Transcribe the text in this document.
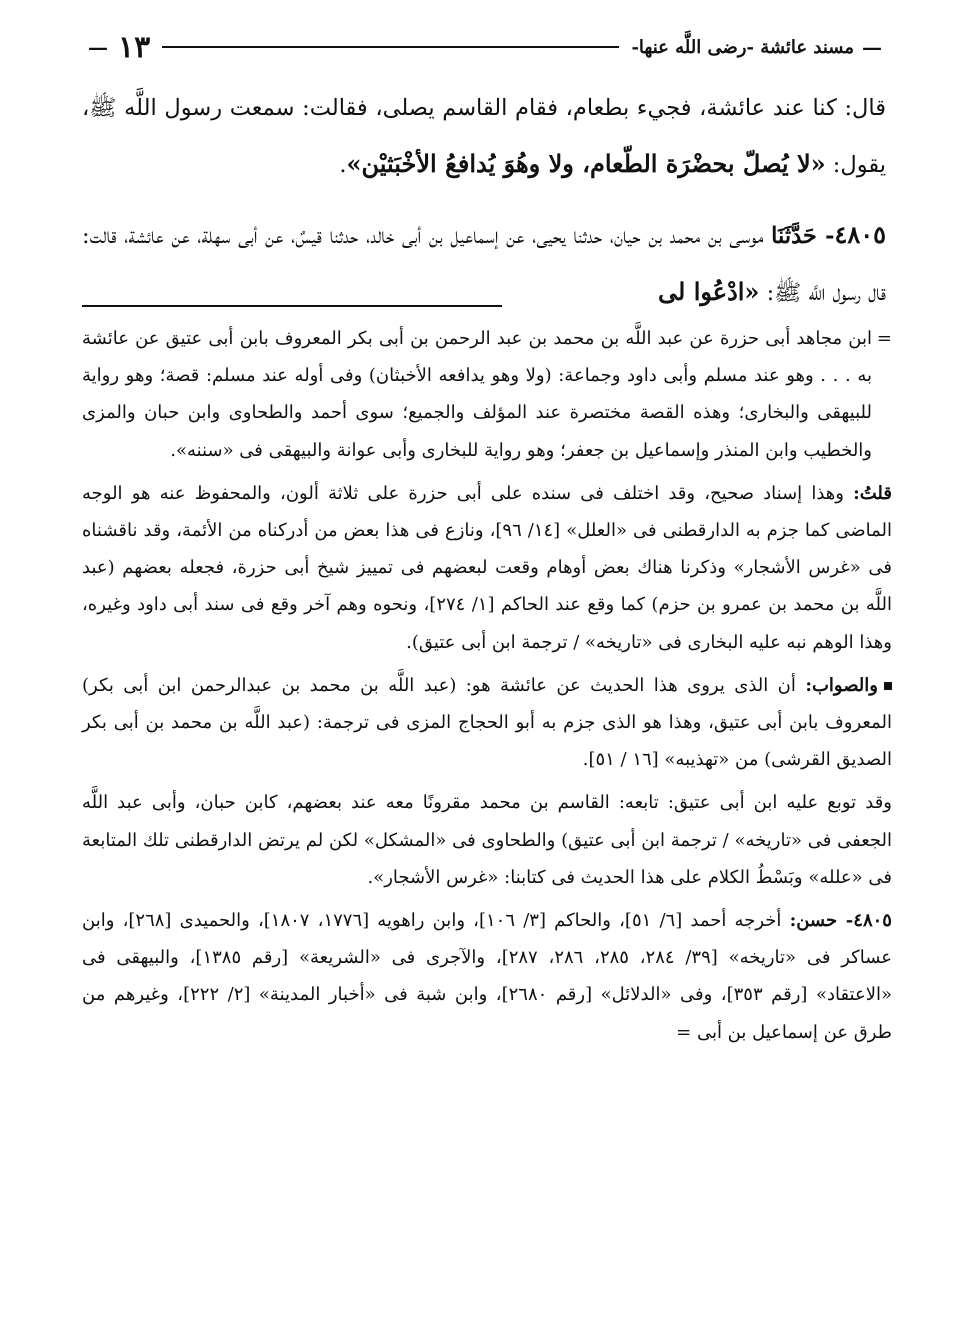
—
مسند عائشة -رضى اللَّه عنها-
١٣
—

قال: كنا عند عائشة، فجيء بطعام، فقام القاسم يصلى، فقالت: سمعت رسول اللَّه ﷺ، يقول: «لا يُصلّ بحضْرَة الطّعام، ولا وهُوَ يُدافعُ الأخْبَثيْن».

٤٨٠٥- حَدَّثَنَا موسى بن محمد بن حيان، حدثنا يحيى، عن إسماعيل بن أبى خالد، حدثنا قيسٌ، عن أبى سهلة، عن عائشة، قالت: قال رسول اللَّه ﷺ: «ادْعُوا لى

=
ابن مجاهد أبى حزرة عن عبد اللَّه بن محمد بن عبد الرحمن بن أبى بكر المعروف بابن أبى عتيق عن عائشة به . . . وهو عند مسلم وأبى داود وجماعة: (ولا وهو يدافعه الأخبثان) وفى أوله عند مسلم: قصة؛ وهو رواية للبيهقى والبخارى؛ وهذه القصة مختصرة عند المؤلف والجميع؛ سوى أحمد والطحاوى وابن حبان والمزى والخطيب وابن المنذر وإسماعيل بن جعفر؛ وهو رواية للبخارى وأبى عوانة والبيهقى فى «سننه».

قلتُ: وهذا إسناد صحيح، وقد اختلف فى سنده على أبى حزرة على ثلاثة ألون، والمحفوظ عنه هو الوجه الماضى كما جزم به الدارقطنى فى «العلل» [١٤/ ٩٦]، ونازع فى هذا بعض من أدركناه من الأئمة، وقد ناقشناه فى «غرس الأشجار» وذكرنا هناك بعض أوهام وقعت لبعضهم فى تمييز شيخ أبى حزرة، فجعله بعضهم (عبد اللَّه بن محمد بن عمرو بن حزم) كما وقع عند الحاكم [١/ ٢٧٤]، ونحوه وهم آخر وقع فى سند أبى داود وغيره، وهذا الوهم نبه عليه البخارى فى «تاريخه» / ترجمة ابن أبى عتيق).

والصواب: أن الذى يروى هذا الحديث عن عائشة هو: (عبد اللَّه بن محمد بن عبدالرحمن ابن أبى بكر) المعروف بابن أبى عتيق، وهذا هو الذى جزم به أبو الحجاج المزى فى ترجمة: (عبد اللَّه بن محمد بن أبى بكر الصديق القرشى) من «تهذيبه» [١٦ / ٥١].

وقد توبع عليه ابن أبى عتيق: تابعه: القاسم بن محمد مقرونًا معه عند بعضهم، كابن حبان، وأبى عبد اللَّه الجعفى فى «تاريخه» / ترجمة ابن أبى عتيق) والطحاوى فى «المشكل» لكن لم يرتض الدارقطنى تلك المتابعة فى «علله» وبَسْطُ الكلام على هذا الحديث فى كتابنا: «غرس الأشجار».

٤٨٠٥- حسن: أخرجه أحمد [٦/ ٥١]، والحاكم [٣/ ١٠٦]، وابن راهويه [١٧٧٦، ١٨٠٧]، والحميدى [٢٦٨]، وابن عساكر فى «تاريخه» [٣٩/ ٢٨٤، ٢٨٥، ٢٨٦، ٢٨٧]، والآجرى فى «الشريعة» [رقم ١٣٨٥]، والبيهقى فى «الاعتقاد» [رقم ٣٥٣]، وفى «الدلائل» [رقم ٢٦٨٠]، وابن شبة فى «أخبار المدينة» [٢/ ٢٢٢]، وغيرهم من طرق عن إسماعيل بن أبى =
